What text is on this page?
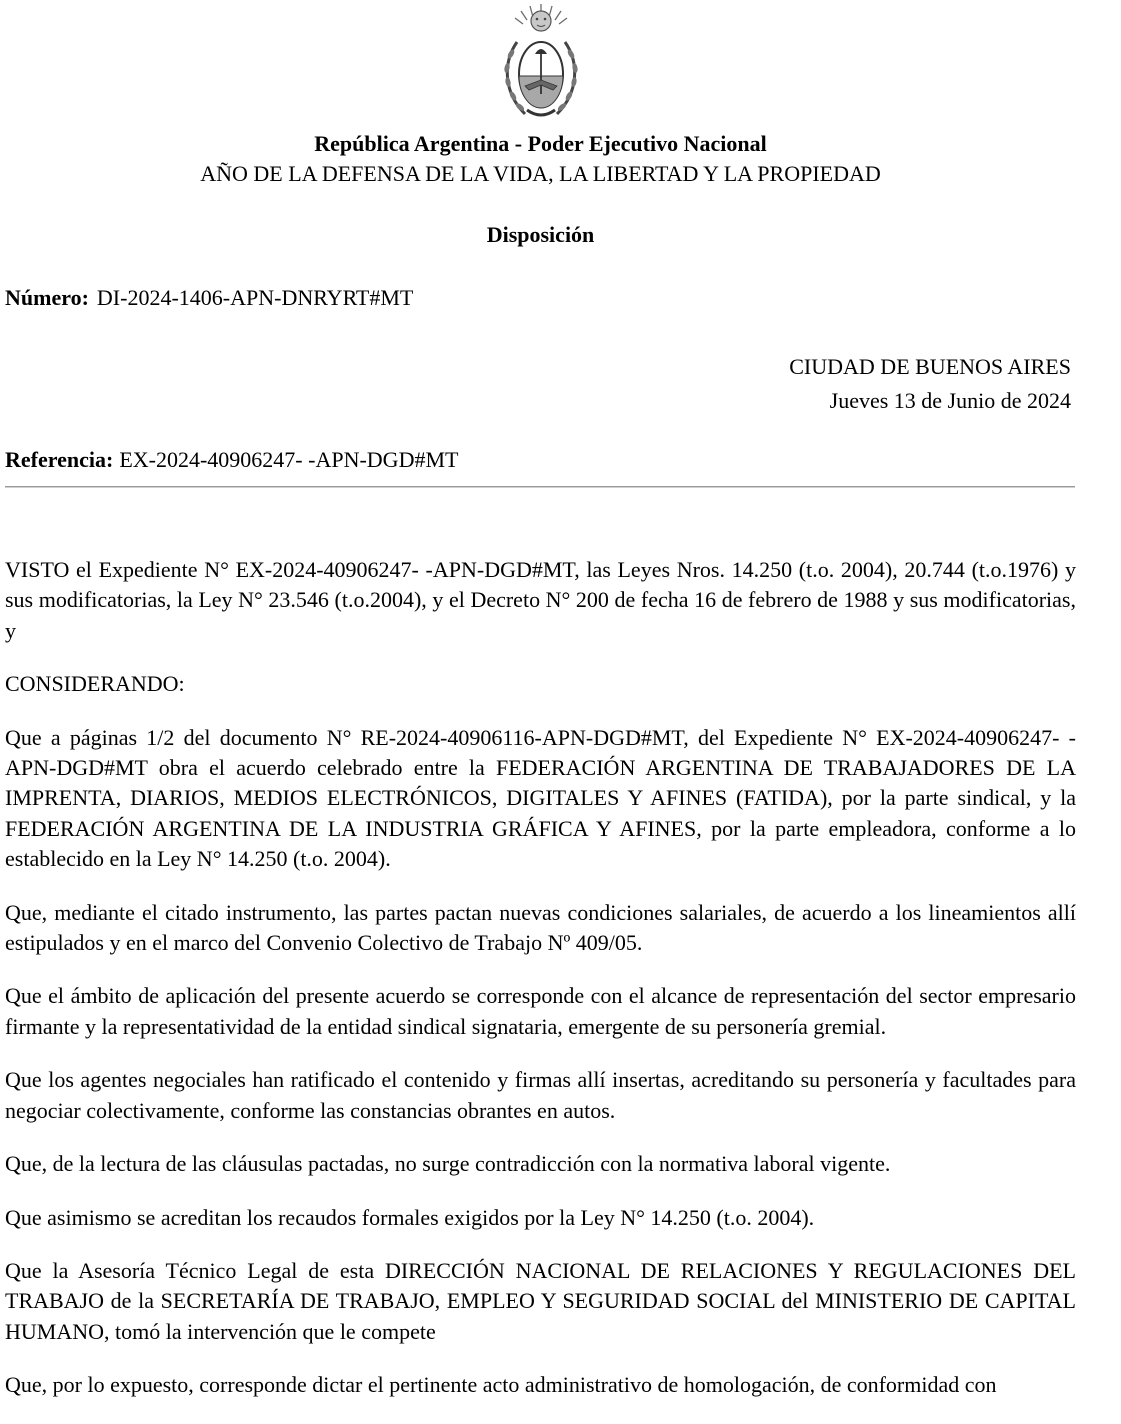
República Argentina - Poder Ejecutivo Nacional
AÑO DE LA DEFENSA DE LA VIDA, LA LIBERTAD Y LA PROPIEDAD
Disposición
Número: DI-2024-1406-APN-DNRYRT#MT
CIUDAD DE BUENOS AIRES
Jueves 13 de Junio de 2024
Referencia: EX-2024-40906247- -APN-DGD#MT

VISTO el Expediente N° EX-2024-40906247- -APN-DGD#MT, las Leyes Nros. 14.250 (t.o. 2004), 20.744 (t.o.1976) y sus modificatorias, la Ley N° 23.546 (t.o.2004), y el Decreto N° 200 de fecha 16 de febrero de 1988 y sus modificatorias, y

CONSIDERANDO:

Que a páginas 1/2 del documento N° RE-2024-40906116-APN-DGD#MT, del Expediente N° EX-2024-40906247- -APN-DGD#MT obra el acuerdo celebrado entre la FEDERACIÓN ARGENTINA DE TRABAJADORES DE LA IMPRENTA, DIARIOS, MEDIOS ELECTRÓNICOS, DIGITALES Y AFINES (FATIDA), por la parte sindical, y la FEDERACIÓN ARGENTINA DE LA INDUSTRIA GRÁFICA Y AFINES, por la parte empleadora, conforme a lo establecido en la Ley N° 14.250 (t.o. 2004).

Que, mediante el citado instrumento, las partes pactan nuevas condiciones salariales, de acuerdo a los lineamientos allí estipulados y en el marco del Convenio Colectivo de Trabajo Nº 409/05.

Que el ámbito de aplicación del presente acuerdo se corresponde con el alcance de representación del sector empresario firmante y la representatividad de la entidad sindical signataria, emergente de su personería gremial.

Que los agentes negociales han ratificado el contenido y firmas allí insertas, acreditando su personería y facultades para negociar colectivamente, conforme las constancias obrantes en autos.

Que, de la lectura de las cláusulas pactadas, no surge contradicción con la normativa laboral vigente.

Que asimismo se acreditan los recaudos formales exigidos por la Ley N° 14.250 (t.o. 2004).

Que la Asesoría Técnico Legal de esta DIRECCIÓN NACIONAL DE RELACIONES Y REGULACIONES DEL TRABAJO de la SECRETARÍA DE TRABAJO, EMPLEO Y SEGURIDAD SOCIAL del MINISTERIO DE CAPITAL HUMANO, tomó la intervención que le compete

Que, por lo expuesto, corresponde dictar el pertinente acto administrativo de homologación, de conformidad con
